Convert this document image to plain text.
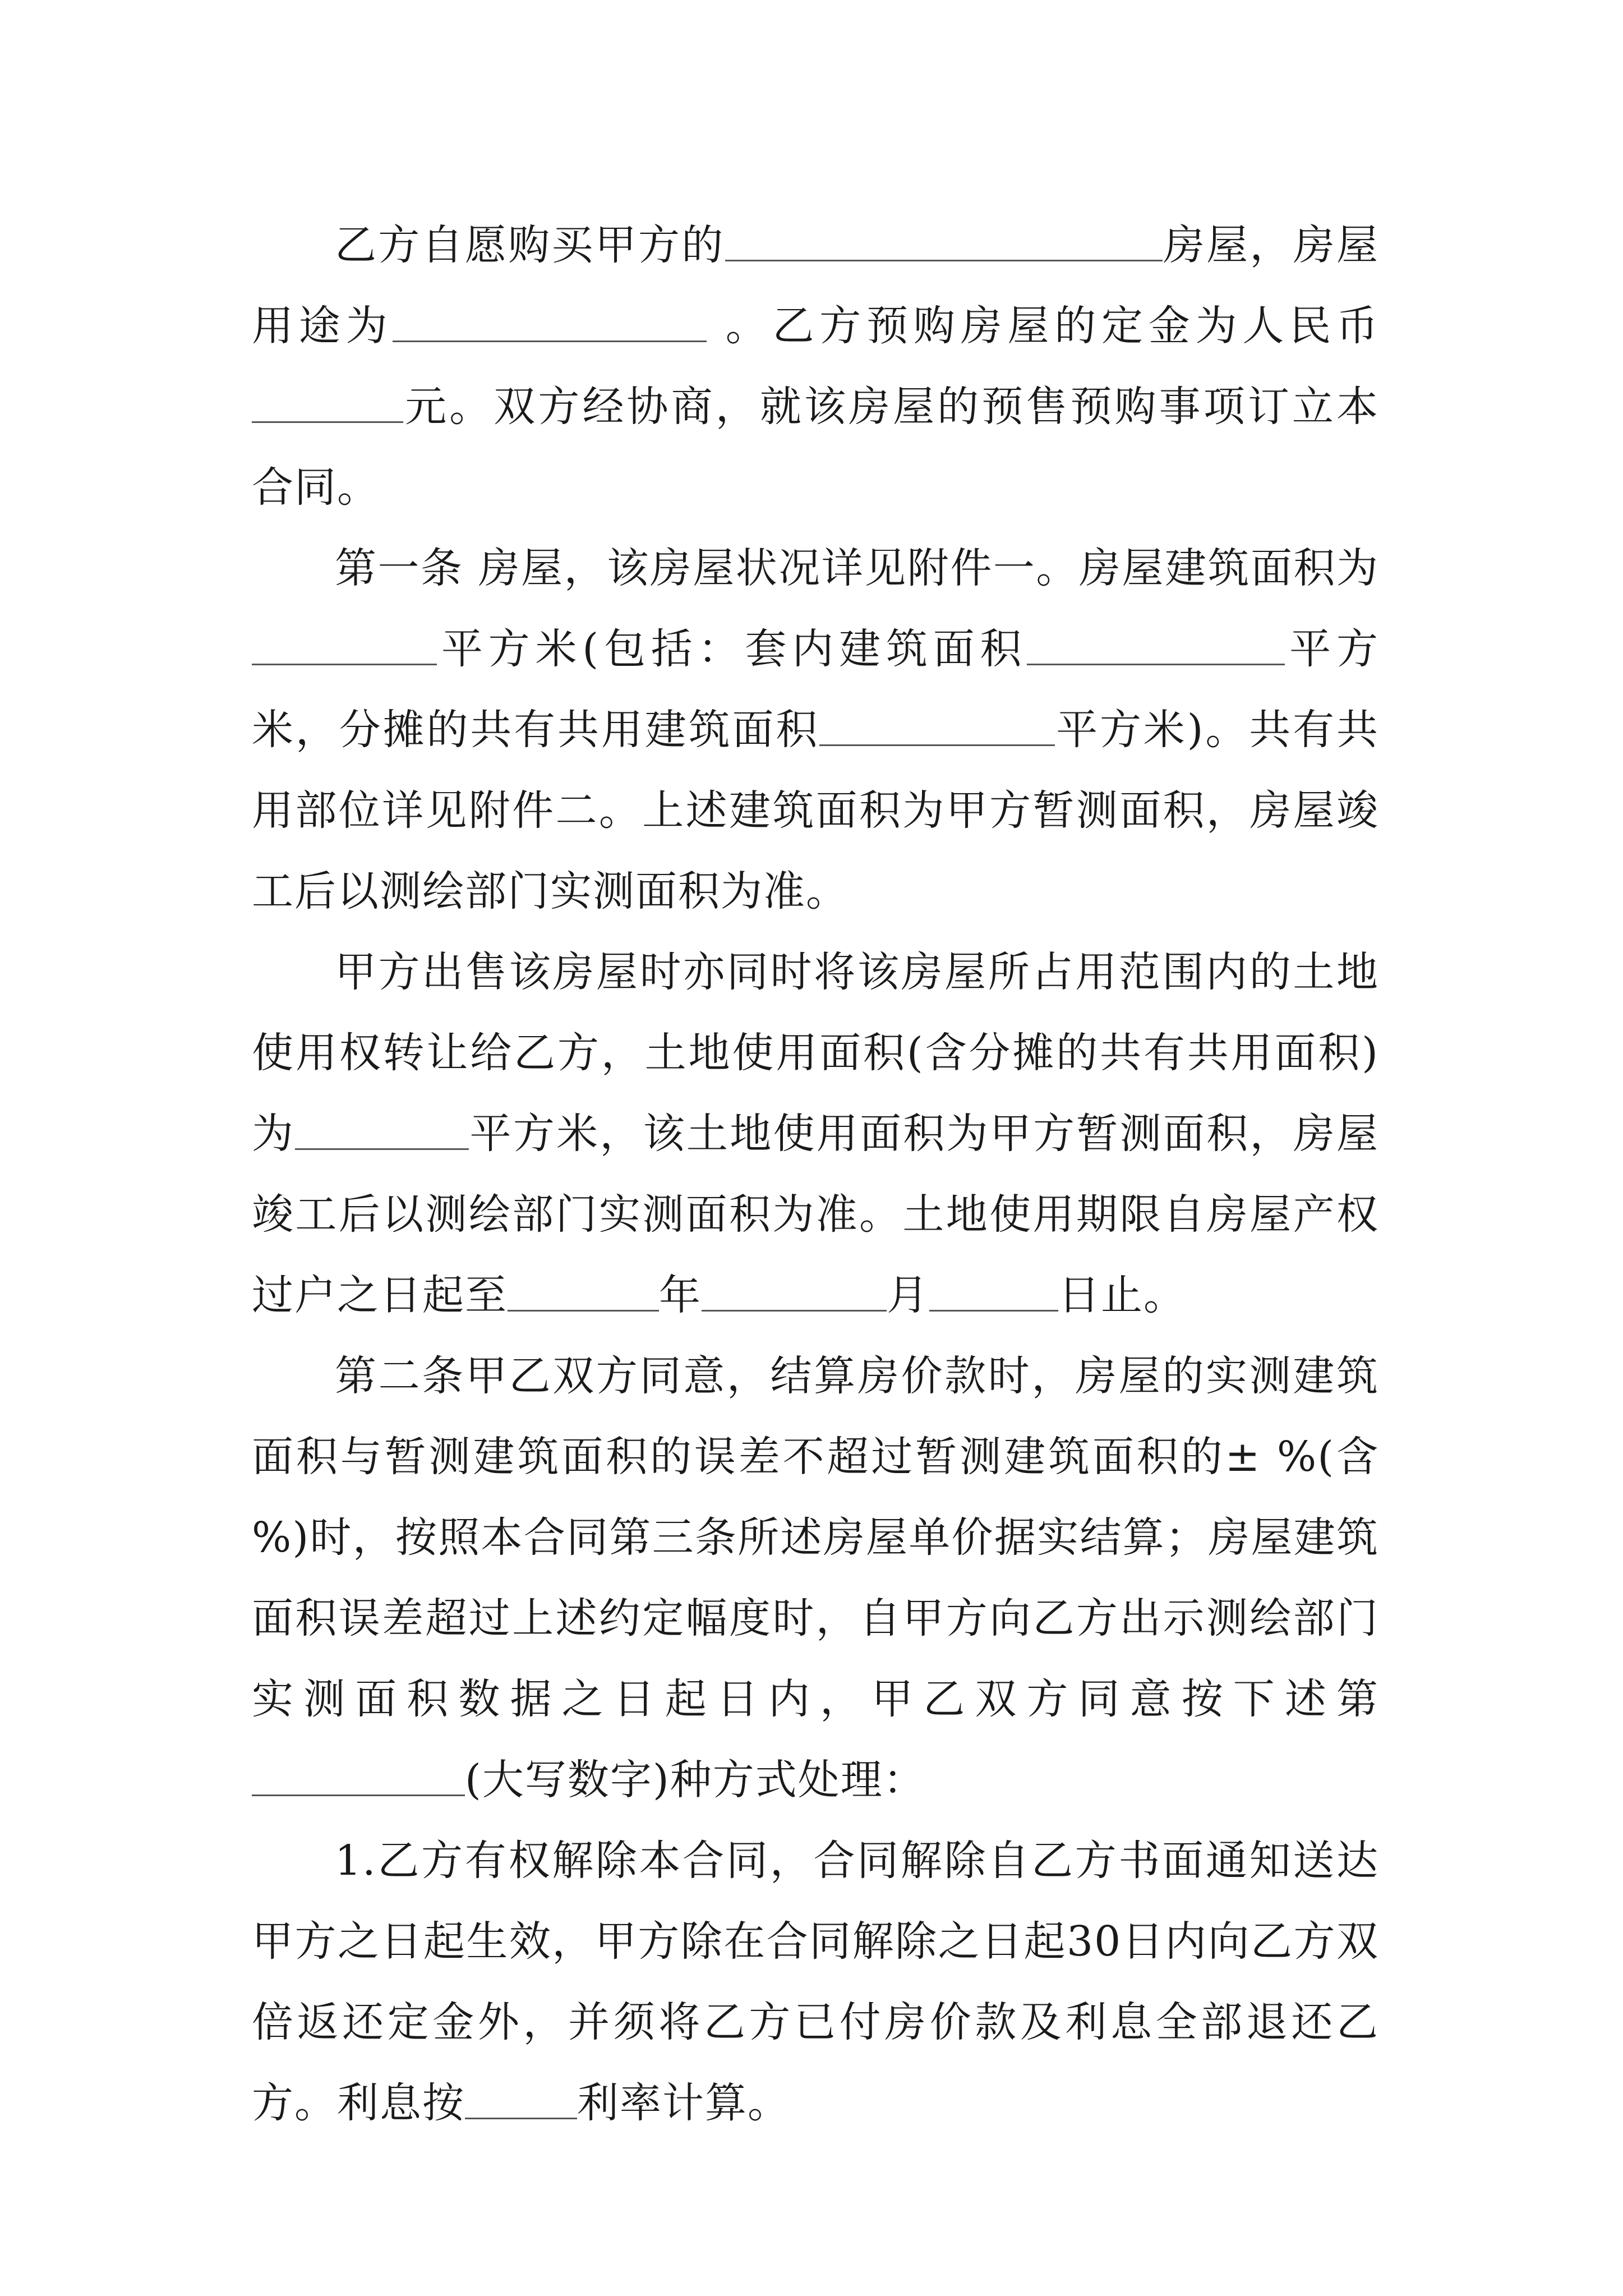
乙方自愿购买甲方的	房屋，房屋用途为	。乙方预购房屋的定金为人民币元。双方经协商，就该房屋的预售预购事项订立本合同。

第一条 房屋，该房屋状况详见附件一。房屋建筑面积为平方米(包括：套内建筑面积	平方米，分摊的共有共用建筑面积	平方米)。共有共用部位详见附件二。上述建筑面积为甲方暂测面积，房屋竣工后以测绘部门实测面积为准。

甲方出售该房屋时亦同时将该房屋所占用范围内的土地使用权转让给乙方，土地使用面积(含分摊的共有共用面积)为	平方米，该土地使用面积为甲方暂测面积，房屋竣工后以测绘部门实测面积为准。土地使用期限自房屋产权过户之日起至	年	月	日止。

第二条甲乙双方同意，结算房价款时，房屋的实测建筑面积与暂测建筑面积的误差不超过暂测建筑面积的± %(含 %)时，按照本合同第三条所述房屋单价据实结算；房屋建筑面积误差超过上述约定幅度时，自甲方向乙方出示测绘部门实测面积数据之日起日内，甲乙双方同意按下述第(大写数字)种方式处理：

1.乙方有权解除本合同，合同解除自乙方书面通知送达甲方之日起生效，甲方除在合同解除之日起30日内向乙方双倍返还定金外，并须将乙方已付房价款及利息全部退还乙方。利息按	利率计算。
